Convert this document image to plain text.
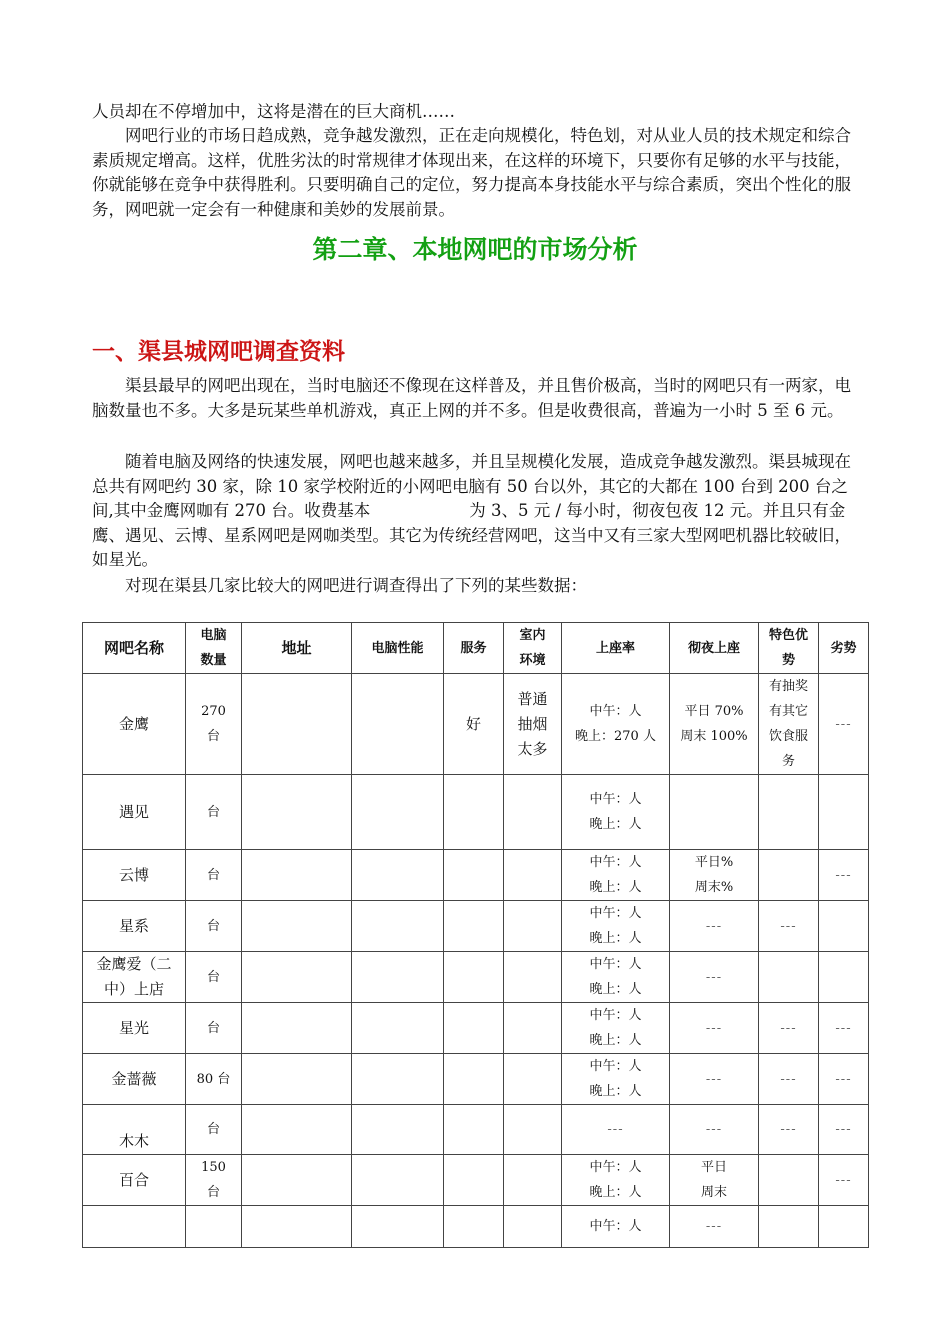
人员却在不停增加中，这将是潜在的巨大商机……

网吧行业的市场日趋成熟，竞争越发激烈，正在走向规模化，特色划，对从业人员的技术规定和综合素质规定增高。这样，优胜劣汰的时常规律才体现出来，在这样的环境下，只要你有足够的水平与技能，你就能够在竞争中获得胜利。只要明确自己的定位，努力提高本身技能水平与综合素质，突出个性化的服务，网吧就一定会有一种健康和美妙的发展前景。

第二章、本地网吧的市场分析
一、渠县城网吧调查资料

渠县最早的网吧出现在，当时电脑还不像现在这样普及，并且售价极高，当时的网吧只有一两家，电脑数量也不多。大多是玩某些单机游戏，真正上网的并不多。但是收费很高，普遍为一小时 5 至 6 元。

随着电脑及网络的快速发展，网吧也越来越多，并且呈规模化发展，造成竞争越发激烈。渠县城现在总共有网吧约 30 家，除 10 家学校附近的小网吧电脑有 50 台以外，其它的大都在 100 台到 200 台之间,其中金鹰网咖有 270 台。收费基本　　　　　　为 3、5 元 / 每小时，彻夜包夜 12 元。并且只有金鹰、遇见、云博、星系网吧是网咖类型。其它为传统经营网吧，这当中又有三家大型网吧机器比较破旧，如星光。

对现在渠县几家比较大的网吧进行调查得出了下列的某些数据：

网吧名称	电脑
数量	地址	电脑性能	服务	室内
环境	上座率	彻夜上座	特色优
势	劣势
金鹰	270
台			好	普通
抽烟
太多	中午：人
晚上：270 人	平日 70%
周末 100%	有抽奖
有其它
饮食服
务	---
遇见	台					中午：人
晚上：人			

云博	台					中午：人
晚上：人	平日%
周末%		---
星系	台					中午：人
晚上：人	---	---	

金鹰爱（二
中）上店	台					中午：人
晚上：人	---		
星光	台					中午：人
晚上：人	---	---	---
金蔷薇	80 台					中午：人
晚上：人	---	---	---
木木	台					---	---	---	---
百合	150
台					中午：人
晚上：人	平日
周末		---
						中午：人	---		
